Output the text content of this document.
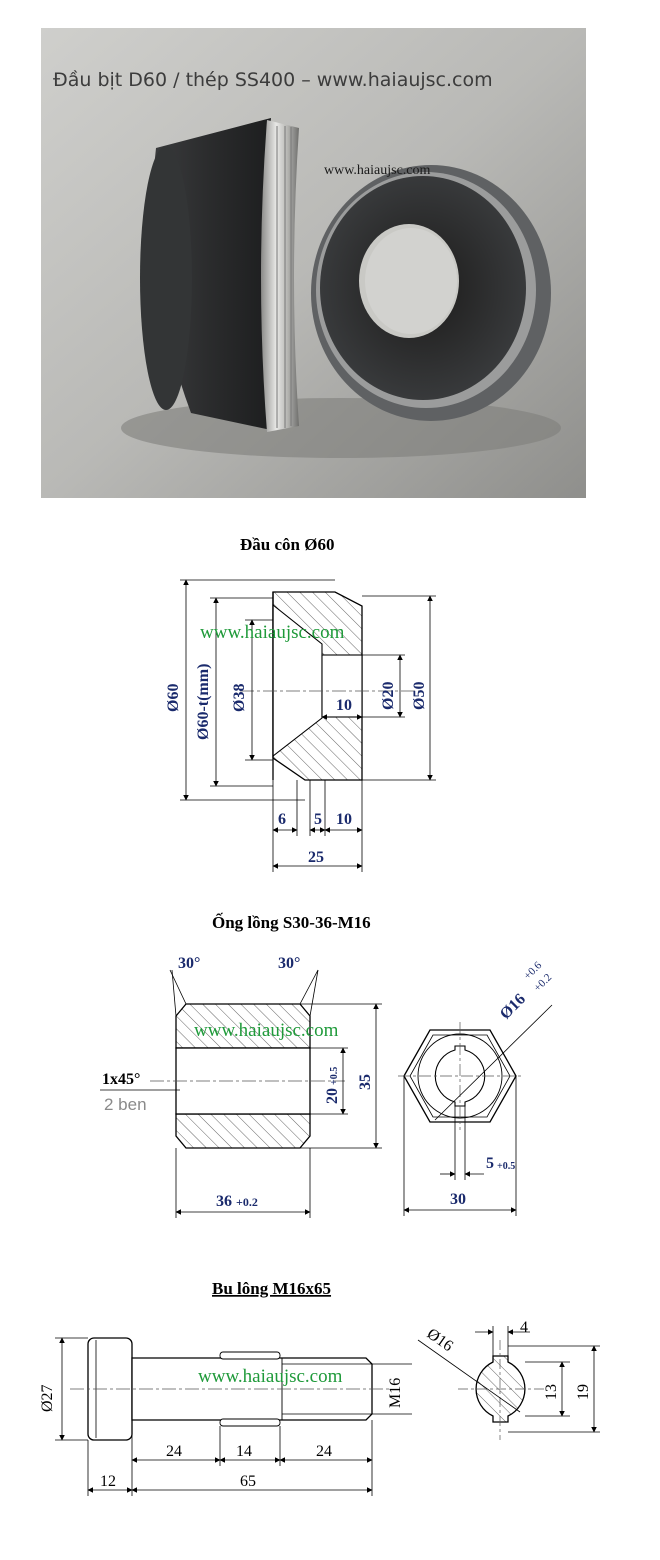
Đầu bịt D60 / thép SS400 – www.haiaujsc.com
www.haiaujsc.com
Đầu côn Ø60
www.haiaujsc.com
Ø60 Ø60-t(mm) Ø38	10 Ø20 Ø50
6 5 10
25
Ống lồng S30-36-M16
www.haiaujsc.com
30°	30°
1x45°
2 ben	20
+0.5 35
36 +0.2
Ø16
+0.6
+0.2
5 +0.5
30
Bu lông M16x65
www.haiaujsc.com
Ø27	M16
24	14	24
12	65
Ø16	4
13 19
